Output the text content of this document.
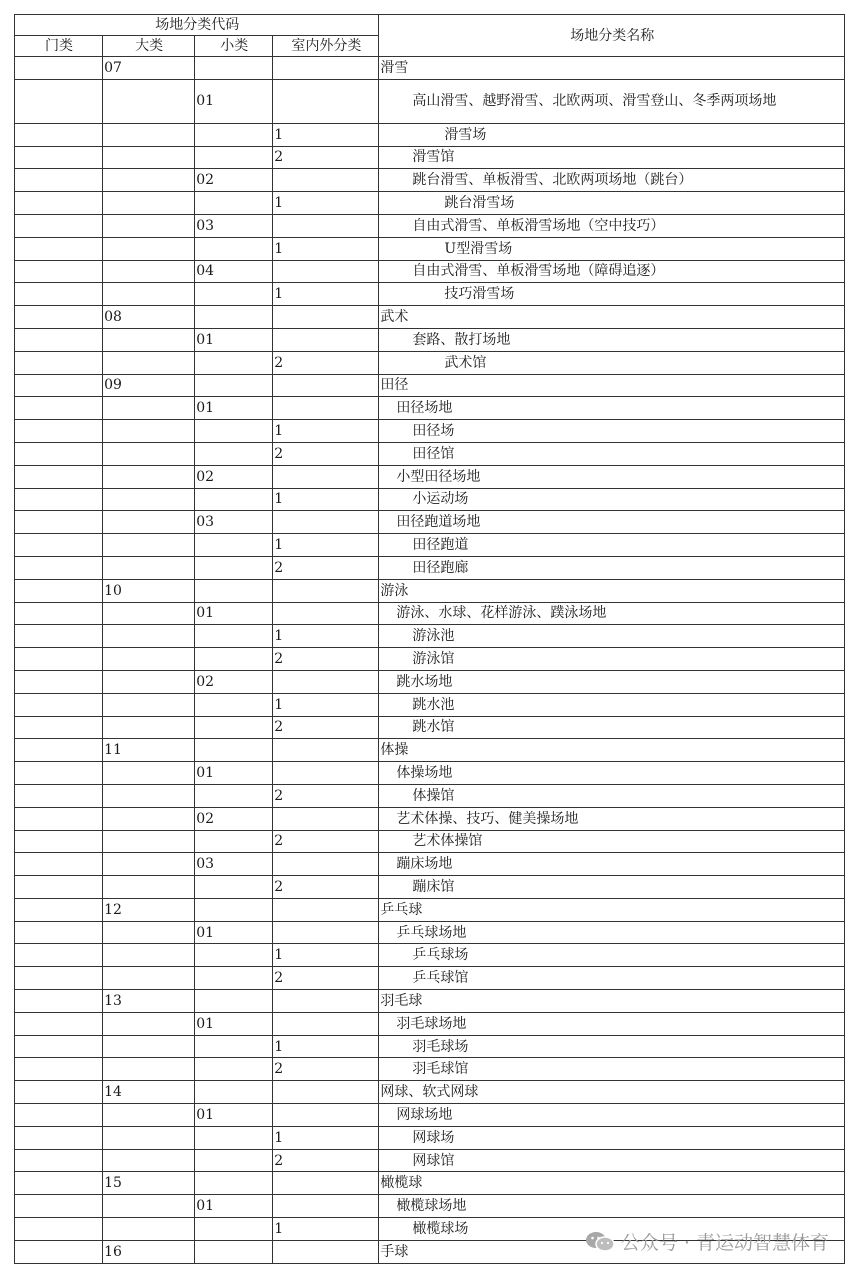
场地分类代码				场地分类名称
门类	大类	小类	室内外分类	
	07			滑雪
		01		高山滑雪、越野滑雪、北欧两项、滑雪登山、冬季两项场地
			1	滑雪场
			2	滑雪馆
		02		跳台滑雪、单板滑雪、北欧两项场地（跳台）
			1	跳台滑雪场
		03		自由式滑雪、单板滑雪场地（空中技巧）
			1	U型滑雪场
		04		自由式滑雪、单板滑雪场地（障碍追逐）
			1	技巧滑雪场
	08			武术
		01		套路、散打场地
			2	武术馆
	09			田径
		01		田径场地
			1	田径场
			2	田径馆
		02		小型田径场地
			1	小运动场
		03		田径跑道场地
			1	田径跑道
			2	田径跑廊
	10			游泳
		01		游泳、水球、花样游泳、蹼泳场地
			1	游泳池
			2	游泳馆
		02		跳水场地
			1	跳水池
			2	跳水馆
	11			体操
		01		体操场地
			2	体操馆
		02		艺术体操、技巧、健美操场地
			2	艺术体操馆
		03		蹦床场地
			2	蹦床馆
	12			乒乓球
		01		乒乓球场地
			1	乒乓球场
			2	乒乓球馆
	13			羽毛球
		01		羽毛球场地
			1	羽毛球场
			2	羽毛球馆
	14			网球、软式网球
		01		网球场地
			1	网球场
			2	网球馆
	15			橄榄球
		01		橄榄球场地
			1	橄榄球场
	16			手球	公众号 · 青运动智慧体育
